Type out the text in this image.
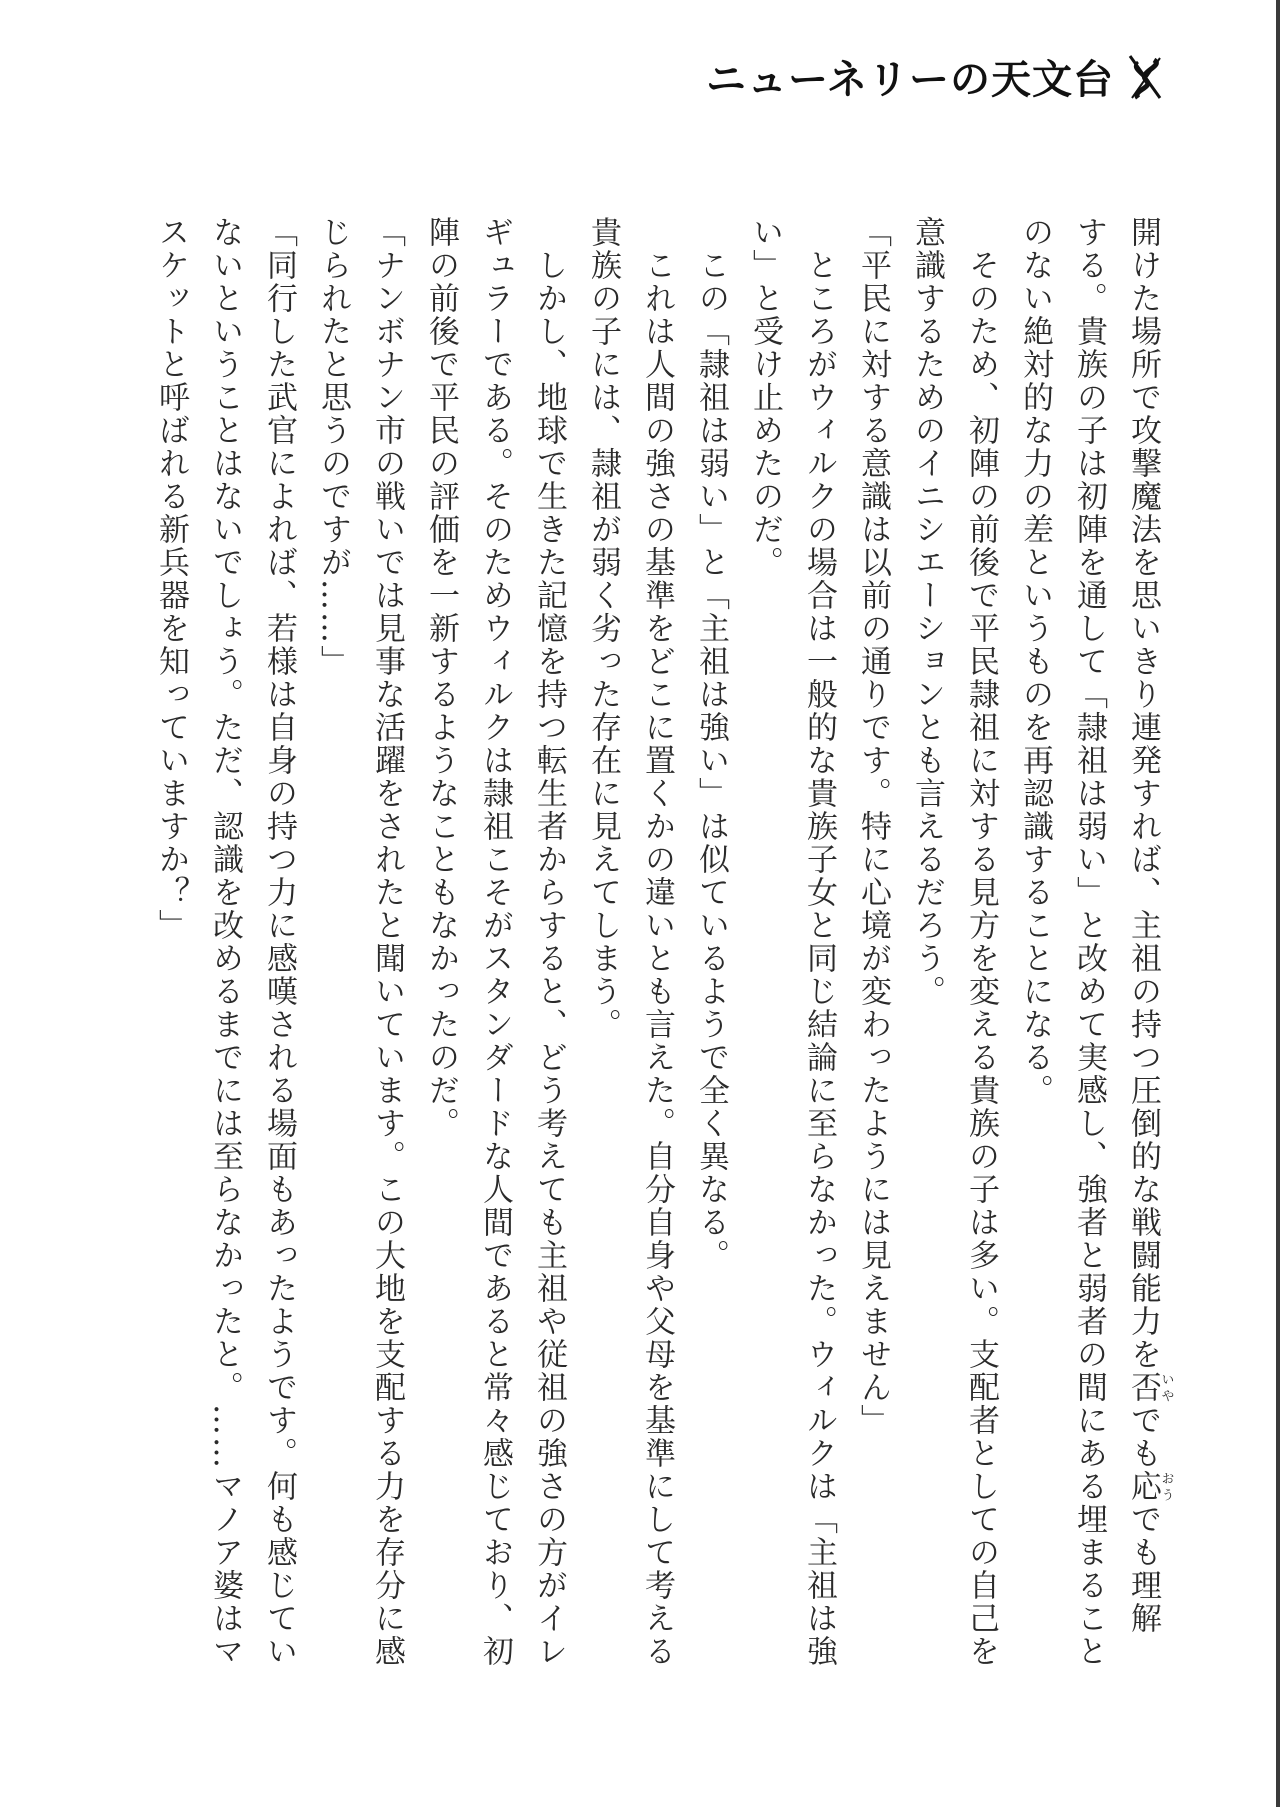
ニューネリーの天文台
開けた場所で攻撃魔法を思いきり連発すれば、主祖の持つ圧倒的な戦闘能力を否いやでも応おうでも理解
する。貴族の子は初陣を通して「隷祖は弱い」と改めて実感し、強者と弱者の間にある埋まること
のない絶対的な力の差というものを再認識することになる。
　そのため、初陣の前後で平民隷祖に対する見方を変える貴族の子は多い。支配者としての自己を
意識するためのイニシエーションとも言えるだろう。
「平民に対する意識は以前の通りです。特に心境が変わったようには見えません」
　ところがウィルクの場合は一般的な貴族子女と同じ結論に至らなかった。ウィルクは「主祖は強
い」と受け止めたのだ。
　この「隷祖は弱い」と「主祖は強い」は似ているようで全く異なる。
　これは人間の強さの基準をどこに置くかの違いとも言えた。自分自身や父母を基準にして考える
貴族の子には、隷祖が弱く劣った存在に見えてしまう。
　しかし、地球で生きた記憶を持つ転生者からすると、どう考えても主祖や従祖の強さの方がイレ
ギュラーである。そのためウィルクは隷祖こそがスタンダードな人間であると常々感じており、初
陣の前後で平民の評価を一新するようなこともなかったのだ。
「ナンボナン市の戦いでは見事な活躍をされたと聞いています。この大地を支配する力を存分に感
じられたと思うのですが……」
「同行した武官によれば、若様は自身の持つ力に感嘆される場面もあったようです。何も感じてい
ないということはないでしょう。ただ、認識を改めるまでには至らなかったと。……マノア婆はマ
スケットと呼ばれる新兵器を知っていますか？」
